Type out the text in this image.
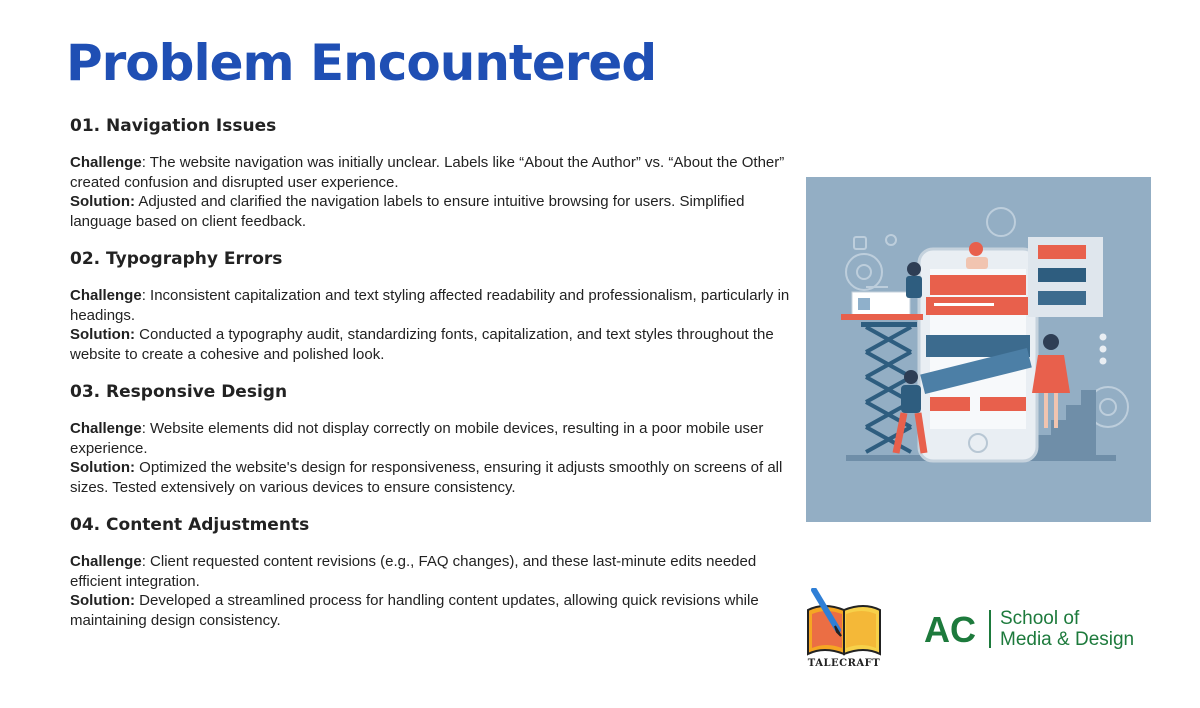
Problem Encountered
01. Navigation Issues

Challenge: The website navigation was initially unclear. Labels like “About the Author” vs. “About the Other” created confusion and disrupted user experience.
Solution: Adjusted and clarified the navigation labels to ensure intuitive browsing for users. Simplified language based on client feedback.

02. Typography Errors

Challenge: Inconsistent capitalization and text styling affected readability and professionalism, particularly in headings.
Solution: Conducted a typography audit, standardizing fonts, capitalization, and text styles throughout the website to create a cohesive and polished look.

03. Responsive Design

Challenge: Website elements did not display correctly on mobile devices, resulting in a poor mobile user experience.
Solution: Optimized the website's design for responsiveness, ensuring it adjusts smoothly on screens of all sizes. Tested extensively on various devices to ensure consistency.

04. Content Adjustments

Challenge: Client requested content revisions (e.g., FAQ changes), and these last-minute edits needed efficient integration.
Solution: Developed a streamlined process for handling content updates, allowing quick revisions while maintaining design consistency.

TALECRAFT
AC School of
Media & Design
